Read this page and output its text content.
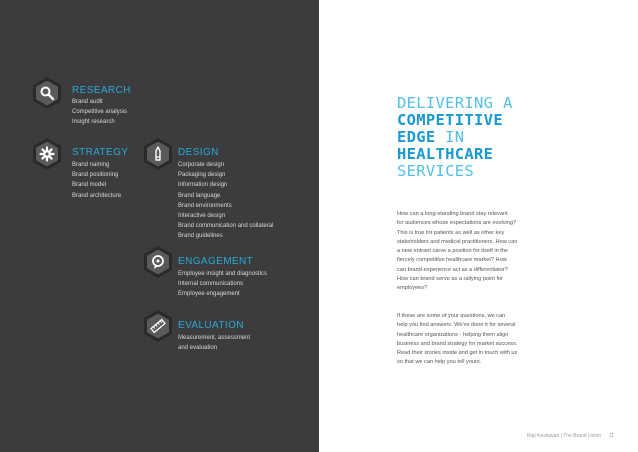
RESEARCH
Brand audit
Competitive analysis
Insight research
STRATEGY
Brand naming
Brand positioning
Brand model
Brand architecture
DESIGN
Corporate design
Packaging design
Information design
Brand language
Brand environments
Interactive design
Brand communication and collateral
Brand guidelines
ENGAGEMENT
Employee insight and diagnostics
Internal communications
Employee engagement
EVALUATION
Measurement, assessment
and evaluation
DELIVERING A
COMPETITIVE
EDGE IN
HEALTHCARE
SERVICES
How can a long-standing brand stay relevant
for audiences whose expectations are evolving?
This is true for patients as well as other key
stakeholders and medical practitioners. How can
a new entrant carve a position for itself in the
fiercely competitive healthcare market? How
can brand-experience act as a differentiator?
How can brand serve as a rallying point for
employees?
If these are some of your questions, we can
help you find answers. We've done it for several
healthcare organizations - helping them align
business and brand strategy for market success.
Read their stories inside and get in touch with us
so that we can help you tell yours.
Raji Keshavan | The Brand Union 11
